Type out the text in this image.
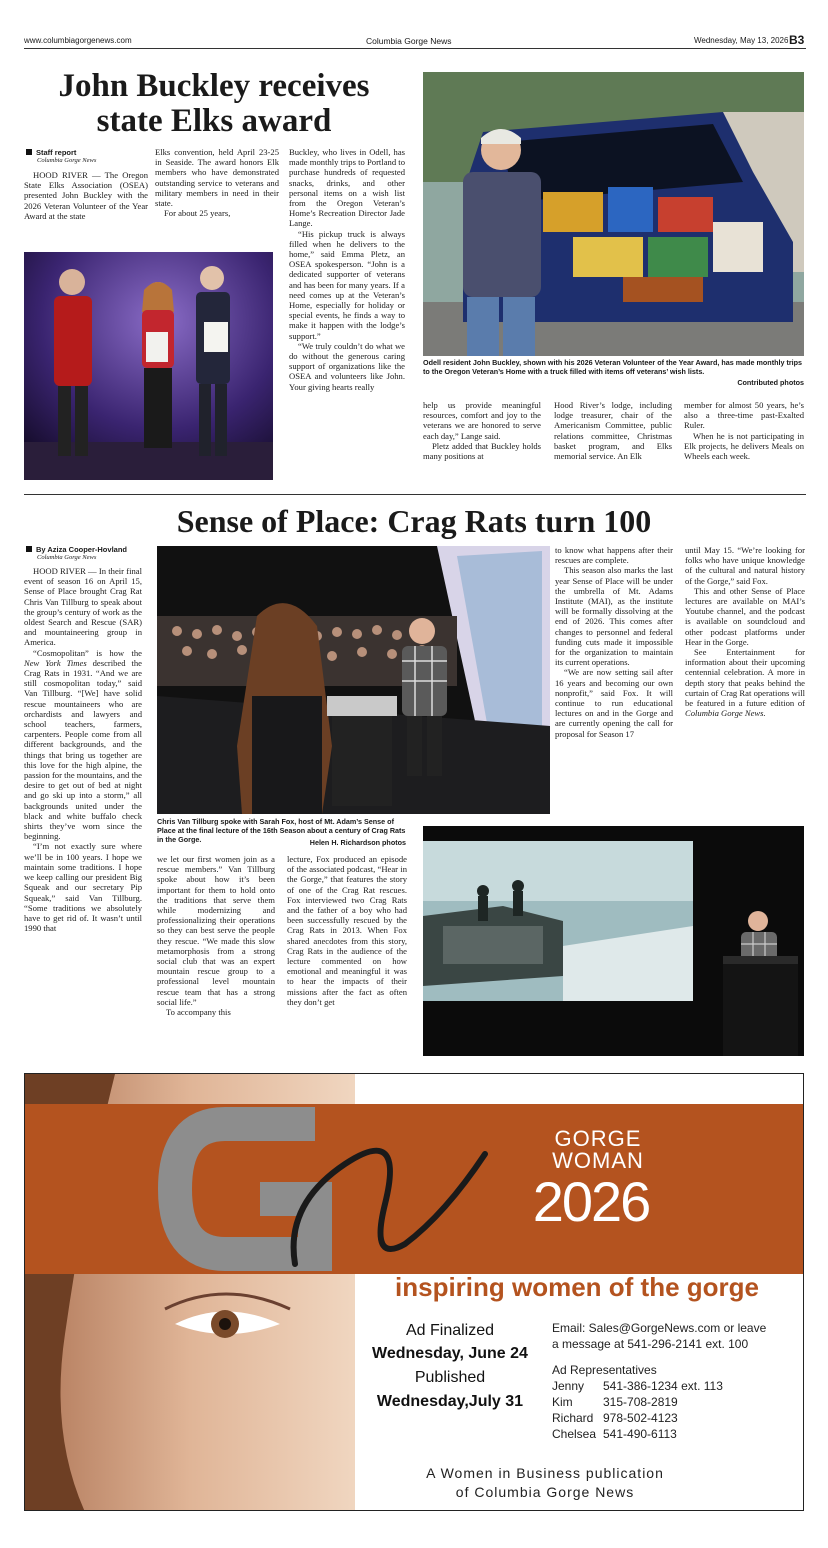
www.columbiagorgenews.com	Columbia Gorge News	Wednesday, May 13, 2026 B3
John Buckley receives
state Elks award
Staff report
Columbia Gorge News

HOOD RIVER — The Oregon State Elks Association (OSEA) presented John Buckley with the 2026 Veteran Volunteer of the Year Award at the state

Elks convention, held April 23-25 in Seaside. The award honors Elk members who have demonstrated outstanding service to veterans and military members in need in their state.

For about 25 years,

Buckley, who lives in Odell, has made monthly trips to Portland to purchase hundreds of requested snacks, drinks, and other personal items on a wish list from the Oregon Veteran’s Home’s Recreation Director Jade Lange.

“His pickup truck is always filled when he delivers to the home,” said Emma Pletz, an OSEA spokesperson. “John is a dedicated supporter of veterans and has been for many years. If a need comes up at the Veteran’s Home, especially for holiday or special events, he finds a way to make it happen with the lodge’s support.”

“We truly couldn’t do what we do without the generous caring support of organizations like the OSEA and volunteers like John. Your giving hearts really

Odell resident John Buckley, shown with his 2026 Veteran Volunteer of the Year Award, has made monthly trips to the Oregon Veteran’s Home with a truck filled with items off veterans’ wish lists.
Contributed photos

help us provide meaningful resources, comfort and joy to the veterans we are honored to serve each day,” Lange said.

Pletz added that Buckley holds many positions at

Hood River’s lodge, including lodge treasurer, chair of the Americanism Committee, public relations committee, Christmas basket program, and Elks memorial service. An Elk

member for almost 50 years, he’s also a three-time past-Exalted Ruler.

When he is not participating in Elk projects, he delivers Meals on Wheels each week.

Sense of Place: Crag Rats turn 100
By Aziza Cooper-Hovland
Columbia Gorge News

HOOD RIVER — In their final event of season 16 on April 15, Sense of Place brought Crag Rat Chris Van Tillburg to speak about the group’s century of work as the oldest Search and Rescue (SAR) and mountaineering group in America.

“Cosmopolitan” is how the New York Times described the Crag Rats in 1931. “And we are still cosmopolitan today,” said Van Tillburg. “[We] have solid rescue mountaineers who are orchardists and lawyers and school teachers, farmers, carpenters. People come from all different backgrounds, and the things that bring us together are this love for the high alpine, the passion for the mountains, and the desire to get out of bed at night and go ski up into a storm,” all backgrounds united under the black and white buffalo check shirts they’ve worn since the beginning.

“I’m not exactly sure where we’ll be in 100 years. I hope we maintain some traditions. I hope we keep calling our president Big Squeak and our secretary Pip Squeak,” said Van Tillburg. “Some traditions we absolutely have to get rid of. It wasn’t until 1990 that

Chris Van Tillburg spoke with Sarah Fox, host of Mt. Adam’s Sense of Place at the final lecture of the 16th Season about a century of Crag Rats in the Gorge.	Helen H. Richardson photos

to know what happens after their rescues are complete.

This season also marks the last year Sense of Place will be under the umbrella of Mt. Adams Institute (MAI), as the institute will be formally dissolving at the end of 2026. This comes after changes to personnel and federal funding cuts made it impossible for the organization to maintain its current operations.

“We are now setting sail after 16 years and becoming our own nonprofit,” said Fox. It will continue to run educational lectures on and in the Gorge and are currently opening the call for proposal for Season 17

until May 15. “We’re looking for folks who have unique knowledge of the cultural and natural history of the Gorge,” said Fox.

This and other Sense of Place lectures are available on MAI’s Youtube channel, and the podcast is available on soundcloud and other podcast platforms under Hear in the Gorge.

See Entertainment for information about their upcoming centennial celebration. A more in depth story that peaks behind the curtain of Crag Rat operations will be featured in a future edition of Columbia Gorge News.

we let our first women join as a rescue members.” Van Tillburg spoke about how it’s been important for them to hold onto the traditions that serve them while modernizing and professionalizing their operations so they can best serve the people they rescue. “We made this slow metamorphosis from a strong social club that was an expert mountain rescue group to a professional level mountain rescue team that has a strong social life.”

To accompany this

lecture, Fox produced an episode of the associated podcast, “Hear in the Gorge,” that features the story of one of the Crag Rat rescues. Fox interviewed two Crag Rats and the father of a boy who had been successfully rescued by the Crag Rats in 2013. When Fox shared anecdotes from this story, Crag Rats in the audience of the lecture commented on how emotional and meaningful it was to hear the impacts of their missions after the fact as often they don’t get

GORGE
WOMAN
2026
inspiring women of the gorge
Ad Finalized
Wednesday, June 24
Published
Wednesday,July 31
Email: Sales@GorgeNews.com or leave
a message at 541-296-2141 ext. 100
Ad Representatives
Jenny	541-386-1234 ext. 113
Kim	315-708-2819
Richard 978-502-4123
Chelsea 541-490-6113
A Women in Business publication
of Columbia Gorge News
